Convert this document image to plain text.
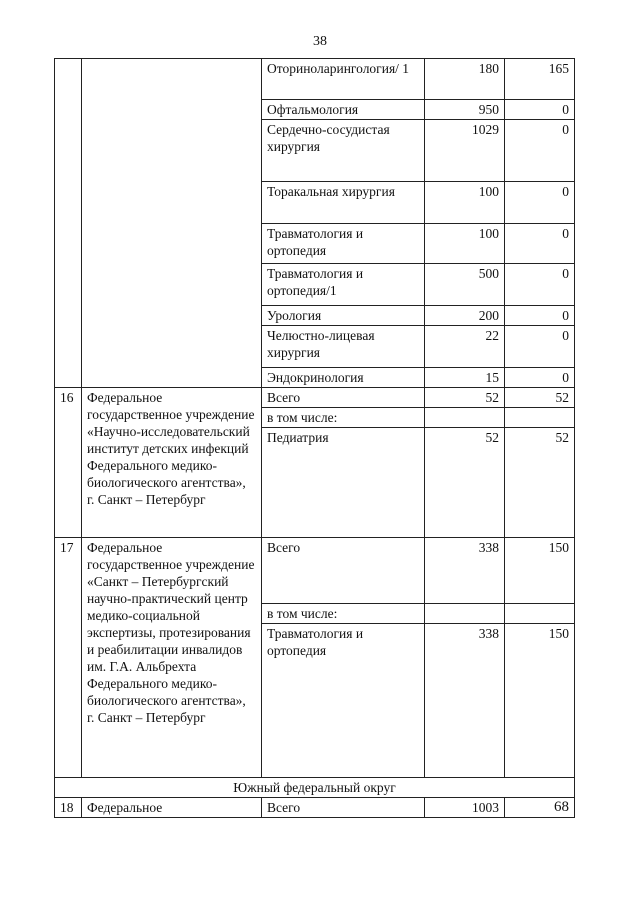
38
		Оториноларингология/ 1	180	165
		Офтальмология	950	0
		Сердечно-сосудистая хирургия	1029	0
		Торакальная хирургия	100	0
		Травматология и ортопедия	100	0
		Травматология и ортопедия/1	500	0
		Урология	200	0
		Челюстно-лицевая хирургия	22	0
		Эндокринология	15	0
16	Федеральное государственное учреждение «Научно-исследовательский институт детских инфекций Федерального медико-биологического агентства», г. Санкт – Петербург	Всего	52	52
		в том числе:		
		Педиатрия	52	52
17	Федеральное государственное учреждение «Санкт – Петербургский научно-практический центр медико-социальной экспертизы, протезирования и реабилитации инвалидов им. Г.А. Альбрехта Федерального медико-биологического агентства», г. Санкт – Петербург	Всего	338	150
		в том числе:		
		Травматология и ортопедия	338	150
Южный федеральный округ				
18	Федеральное	Всего	1003	68
